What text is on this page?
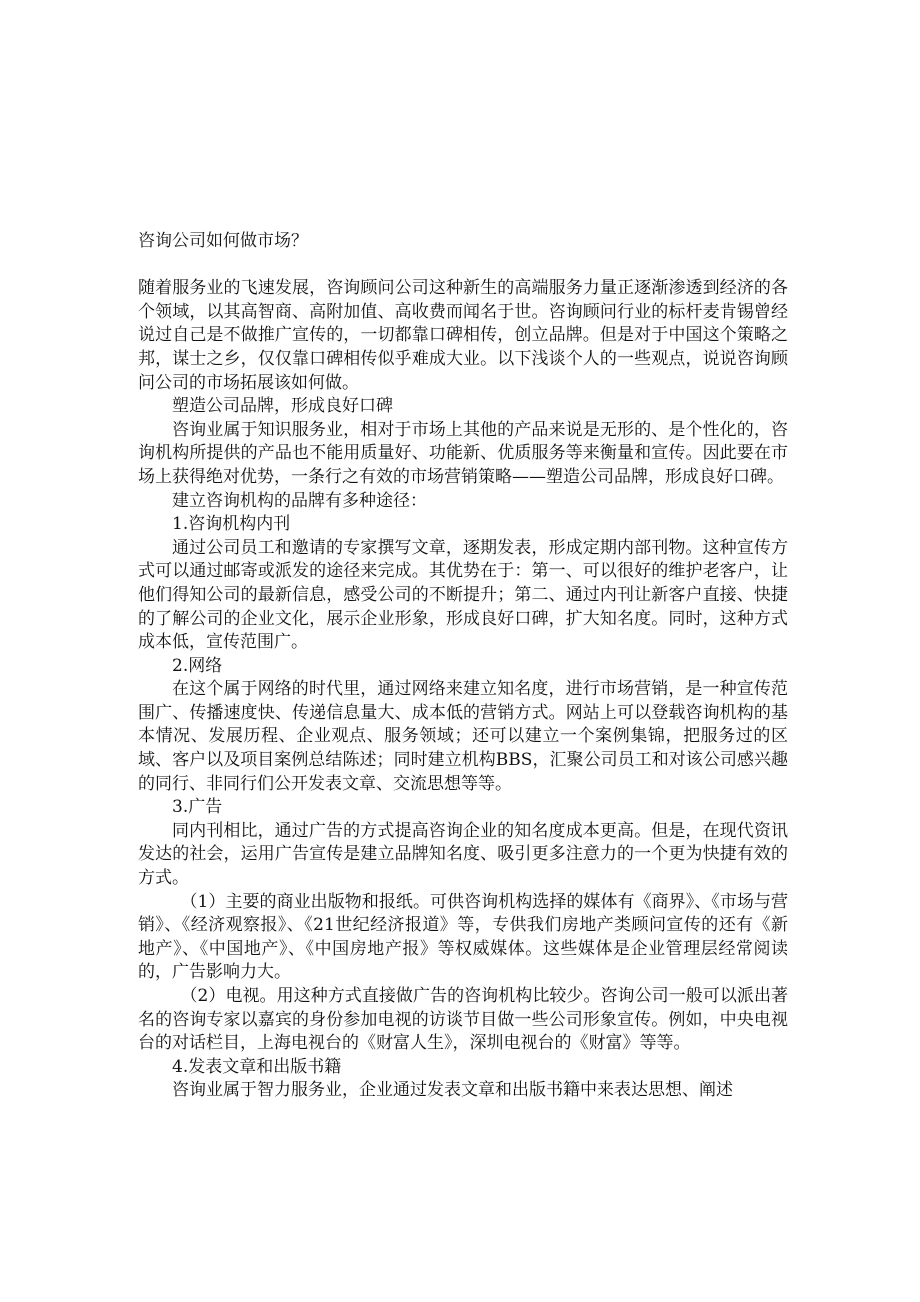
咨询公司如何做市场？

随着服务业的飞速发展，咨询顾问公司这种新生的高端服务力量正逐渐渗透到经济的各个领域，以其高智商、高附加值、高收费而闻名于世。咨询顾问行业的标杆麦肯锡曾经说过自己是不做推广宣传的，一切都靠口碑相传，创立品牌。但是对于中国这个策略之邦，谋士之乡，仅仅靠口碑相传似乎难成大业。以下浅谈个人的一些观点，说说咨询顾问公司的市场拓展该如何做。

塑造公司品牌，形成良好口碑

咨询业属于知识服务业，相对于市场上其他的产品来说是无形的、是个性化的，咨询机构所提供的产品也不能用质量好、功能新、优质服务等来衡量和宣传。因此要在市场上获得绝对优势，一条行之有效的市场营销策略——塑造公司品牌，形成良好口碑。

建立咨询机构的品牌有多种途径：

1.咨询机构内刊

通过公司员工和邀请的专家撰写文章，逐期发表，形成定期内部刊物。这种宣传方式可以通过邮寄或派发的途径来完成。其优势在于：第一、可以很好的维护老客户，让他们得知公司的最新信息，感受公司的不断提升；第二、通过内刊让新客户直接、快捷的了解公司的企业文化，展示企业形象，形成良好口碑，扩大知名度。同时，这种方式成本低，宣传范围广。

2.网络

在这个属于网络的时代里，通过网络来建立知名度，进行市场营销，是一种宣传范围广、传播速度快、传递信息量大、成本低的营销方式。网站上可以登载咨询机构的基本情况、发展历程、企业观点、服务领域；还可以建立一个案例集锦，把服务过的区域、客户以及项目案例总结陈述；同时建立机构BBS，汇聚公司员工和对该公司感兴趣的同行、非同行们公开发表文章、交流思想等等。

3.广告

同内刊相比，通过广告的方式提高咨询企业的知名度成本更高。但是，在现代资讯发达的社会，运用广告宣传是建立品牌知名度、吸引更多注意力的一个更为快捷有效的方式。

（1）主要的商业出版物和报纸。可供咨询机构选择的媒体有《商界》、《市场与营销》、《经济观察报》、《21世纪经济报道》等，专供我们房地产类顾问宣传的还有《新地产》、《中国地产》、《中国房地产报》等权威媒体。这些媒体是企业管理层经常阅读的，广告影响力大。

（2）电视。用这种方式直接做广告的咨询机构比较少。咨询公司一般可以派出著名的咨询专家以嘉宾的身份参加电视的访谈节目做一些公司形象宣传。例如，中央电视台的对话栏目，上海电视台的《财富人生》，深圳电视台的《财富》等等。

4.发表文章和出版书籍

咨询业属于智力服务业，企业通过发表文章和出版书籍中来表达思想、阐述
